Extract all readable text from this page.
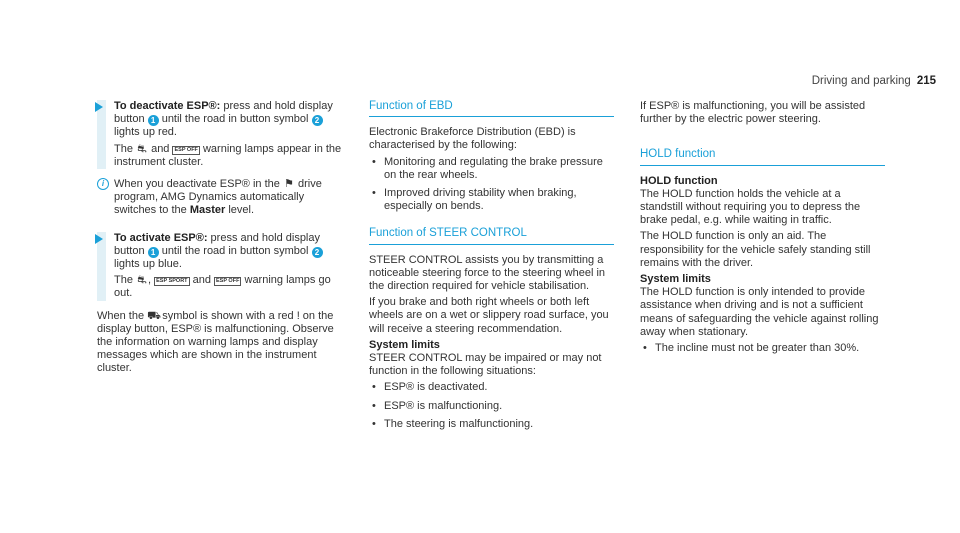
Driving and parking 215

To deactivate ESP®: press and hold display button 1 until the road in button symbol 2 lights up red.

The ⛐ and ESP OFF warning lamps appear in the instrument cluster.

i When you deactivate ESP® in the ⚑ drive program, AMG Dynamics automatically switches to the Master level.

To activate ESP®: press and hold display button 1 until the road in button symbol 2 lights up blue.

The ⛐, ESP SPORT and ESP OFF warning lamps go out.

When the ⛟ symbol is shown with a red ! on the display button, ESP® is malfunctioning. Observe the information on warning lamps and display messages which are shown in the instrument cluster.

Function of EBD

Electronic Brakeforce Distribution (EBD) is characterised by the following:

• Monitoring and regulating the brake pressure on the rear wheels.
• Improved driving stability when braking, especially on bends.
Function of STEER CONTROL

STEER CONTROL assists you by transmitting a noticeable steering force to the steering wheel in the direction required for vehicle stabilisation.

If you brake and both right wheels or both left wheels are on a wet or slippery road surface, you will receive a steering recommendation.

System limits

STEER CONTROL may be impaired or may not function in the following situations:

• ESP® is deactivated.
• ESP® is malfunctioning.
• The steering is malfunctioning.

If ESP® is malfunctioning, you will be assisted further by the electric power steering.

HOLD function
HOLD function

The HOLD function holds the vehicle at a standstill without requiring you to depress the brake pedal, e.g. while waiting in traffic.

The HOLD function is only an aid. The responsibility for the vehicle safely standing still remains with the driver.

System limits

The HOLD function is only intended to provide assistance when driving and is not a sufficient means of safeguarding the vehicle against rolling away when stationary.

• The incline must not be greater than 30%.
